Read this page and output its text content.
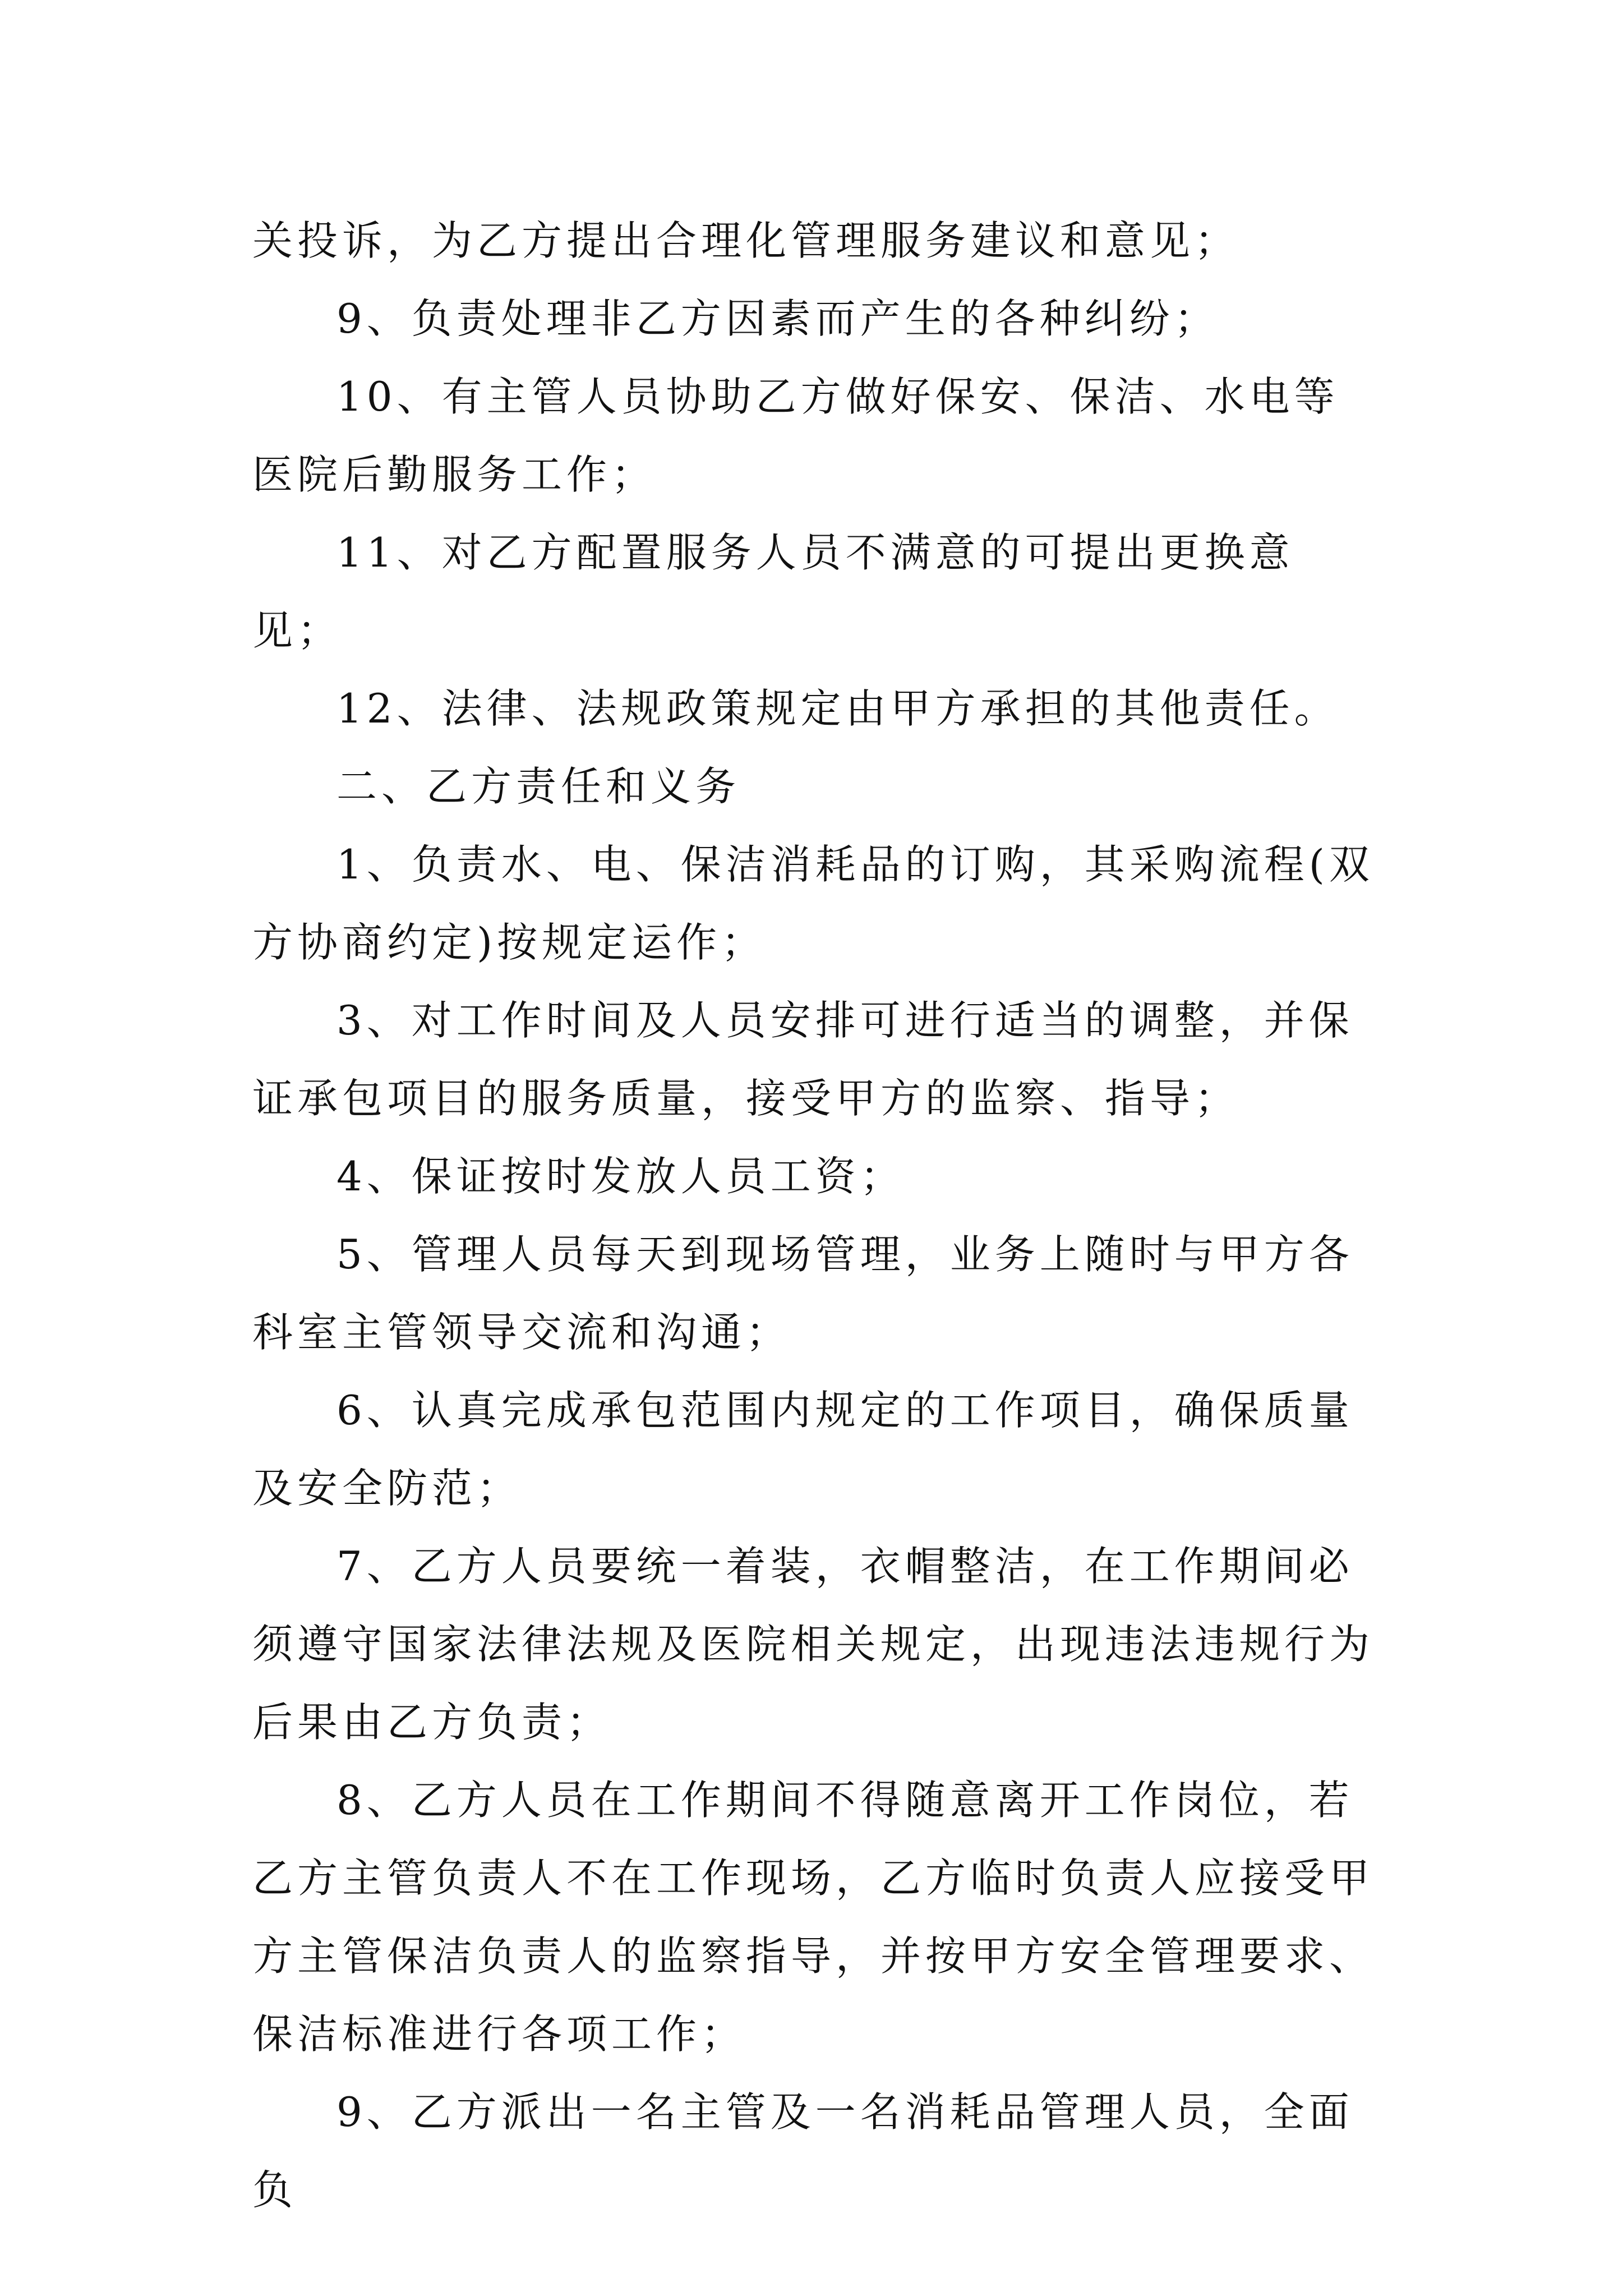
关投诉，为乙方提出合理化管理服务建议和意见；

9、负责处理非乙方因素而产生的各种纠纷；

10、有主管人员协助乙方做好保安、保洁、水电等医院后勤服务工作；

11、对乙方配置服务人员不满意的可提出更换意见；

12、法律、法规政策规定由甲方承担的其他责任。

二、乙方责任和义务

1、负责水、电、保洁消耗品的订购，其采购流程(双方协商约定)按规定运作；

3、对工作时间及人员安排可进行适当的调整，并保证承包项目的服务质量，接受甲方的监察、指导；

4、保证按时发放人员工资；

5、管理人员每天到现场管理，业务上随时与甲方各科室主管领导交流和沟通；

6、认真完成承包范围内规定的工作项目，确保质量及安全防范；

7、乙方人员要统一着装，衣帽整洁，在工作期间必须遵守国家法律法规及医院相关规定，出现违法违规行为后果由乙方负责；

8、乙方人员在工作期间不得随意离开工作岗位，若乙方主管负责人不在工作现场，乙方临时负责人应接受甲方主管保洁负责人的监察指导，并按甲方安全管理要求、保洁标准进行各项工作；

9、乙方派出一名主管及一名消耗品管理人员，全面负
